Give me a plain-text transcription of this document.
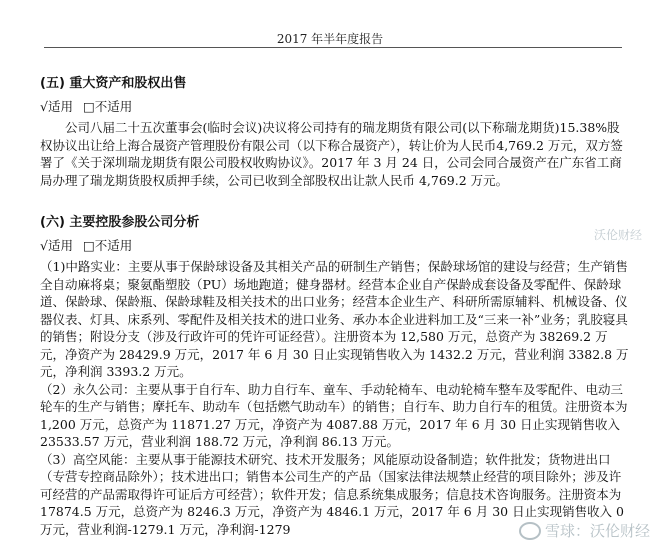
2017 年半年度报告
(五) 重大资产和股权出售
√适用 □不适用

公司八届二十五次董事会(临时会议)决议将公司持有的瑞龙期货有限公司(以下称瑞龙期货)15.38%股权协议出让给上海合晟资产管理股份有限公司（以下称合晟资产），转让价为人民币4,769.2 万元，双方签署了《关于深圳瑞龙期货有限公司股权收购协议》。2017 年 3 月 24 日，公司会同合晟资产在广东省工商局办理了瑞龙期货股权质押手续，公司已收到全部股权出让款人民币 4,769.2 万元。

(六) 主要控股参股公司分析
√适用 □不适用

（1)中路实业：主要从事于保龄球设备及其相关产品的研制生产销售；保龄球场馆的建设与经营；生产销售全自动麻将桌；聚氨酯塑胶（PU）场地跑道；健身器材。经营本企业自产保龄成套设备及零配件、保龄球道、保龄球、保龄瓶、保龄球鞋及相关技术的出口业务；经营本企业生产、科研所需原辅料、机械设备、仪器仪表、灯具、床系列、零配件及相关技术的进口业务、承办本企业进料加工及“三来一补”业务；乳胶寝具的销售；附设分支（涉及行政许可的凭许可证经营）。注册资本为 12,580 万元，总资产为 38269.2 万元，净资产为 28429.9 万元，2017 年 6 月 30 日止实现销售收入为 1432.2 万元，营业利润 3382.8 万元，净利润 3393.2 万元。

（2）永久公司：主要从事于自行车、助力自行车、童车、手动轮椅车、电动轮椅车整车及零配件、电动三轮车的生产与销售；摩托车、助动车（包括燃气助动车）的销售；自行车、助力自行车的租赁。注册资本为 1,200 万元，总资产为 11871.27 万元，净资产为 4087.88 万元，2017 年 6 月 30 日止实现销售收入 23533.57 万元，营业利润 188.72 万元，净利润 86.13 万元。

（3）高空风能：主要从事于能源技术研究、技术开发服务；风能原动设备制造；软件批发；货物进出口（专营专控商品除外）；技术进出口；销售本公司生产的产品（国家法律法规禁止经营的项目除外；涉及许可经营的产品需取得许可证后方可经营）；软件开发；信息系统集成服务；信息技术咨询服务。注册资本为 17874.5 万元，总资产为 8246.3 万元，净资产为 4846.1 万元，2017 年 6 月 30 日止实现销售收入 0 万元，营业利润-1279.1 万元，净利润-1279

沃伦财经
雪球：沃伦财经
